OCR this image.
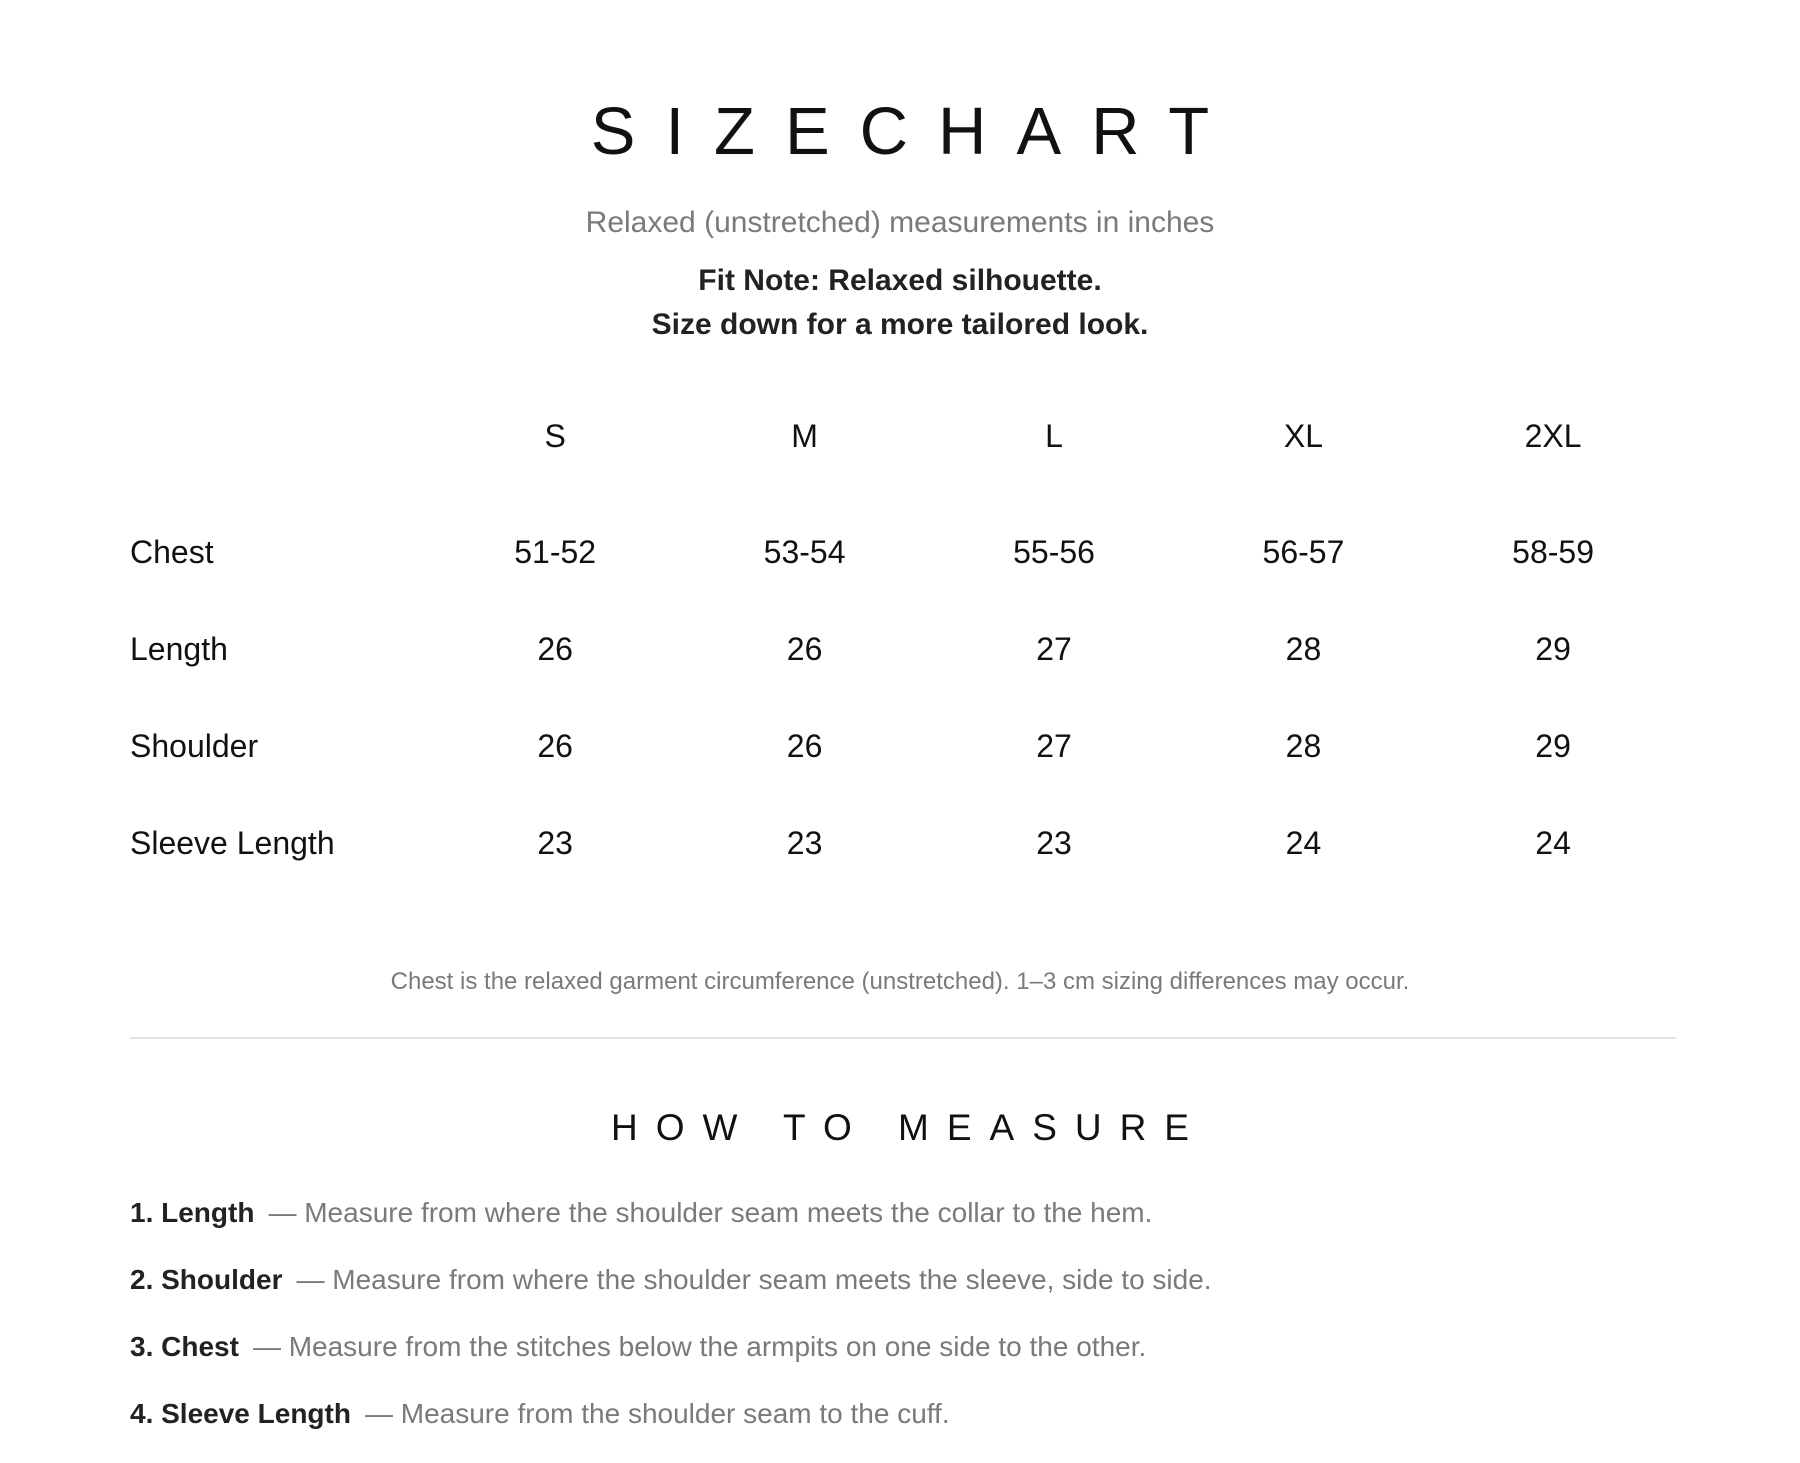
SIZECHART
Relaxed (unstretched) measurements in inches
Fit Note: Relaxed silhouette.
Size down for a more tailored look.
	S	M	L	XL	2XL
Chest	51-52	53-54	55-56	56-57	58-59
Length	26	26	27	28	29
Shoulder	26	26	27	28	29
Sleeve Length	23	23	23	24	24
Chest is the relaxed garment circumference (unstretched). 1–3 cm sizing differences may occur.
HOW TO MEASURE
1. Length — Measure from where the shoulder seam meets the collar to the hem.
2. Shoulder — Measure from where the shoulder seam meets the sleeve, side to side.
3. Chest — Measure from the stitches below the armpits on one side to the other.
4. Sleeve Length — Measure from the shoulder seam to the cuff.
